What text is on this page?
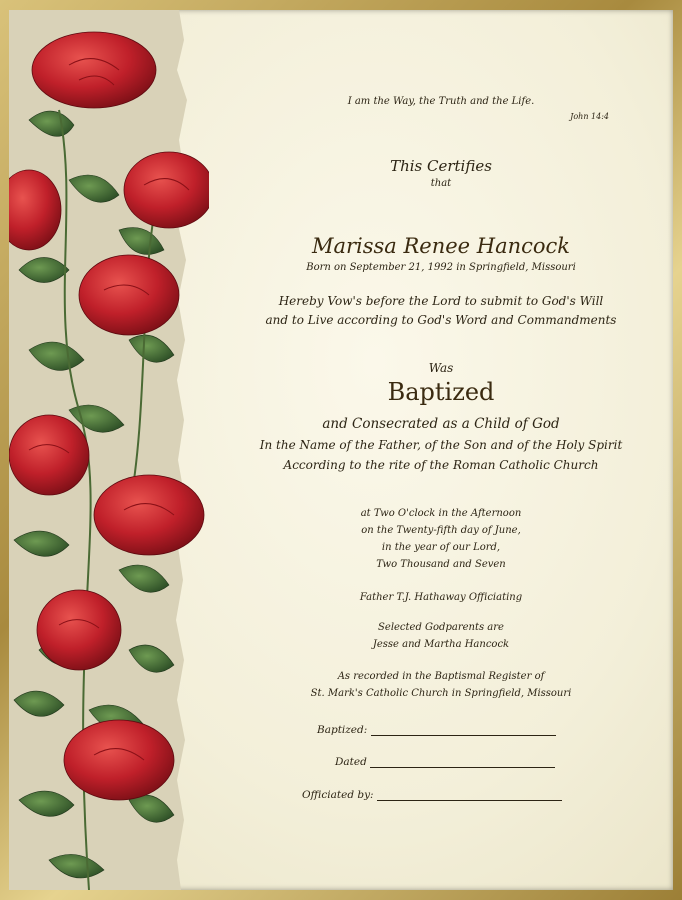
I am the Way, the Truth and the Life.
John 14:4
This Certifies
that
Marissa Renee Hancock
Born on September 21, 1992 in Springfield, Missouri
Hereby Vow's before the Lord to submit to God's Will
and to Live according to God's Word and Commandments
Was
Baptized
and Consecrated as a Child of God
In the Name of the Father, of the Son and of the Holy Spirit
According to the rite of the Roman Catholic Church
at Two O'clock in the Afternoon
on the Twenty-fifth day of June,
in the year of our Lord,
Two Thousand and Seven
Father T.J. Hathaway Officiating
Selected Godparents are
Jesse and Martha Hancock
As recorded in the Baptismal Register of
St. Mark's Catholic Church in Springfield, Missouri
Baptized:
Dated
Officiated by:
